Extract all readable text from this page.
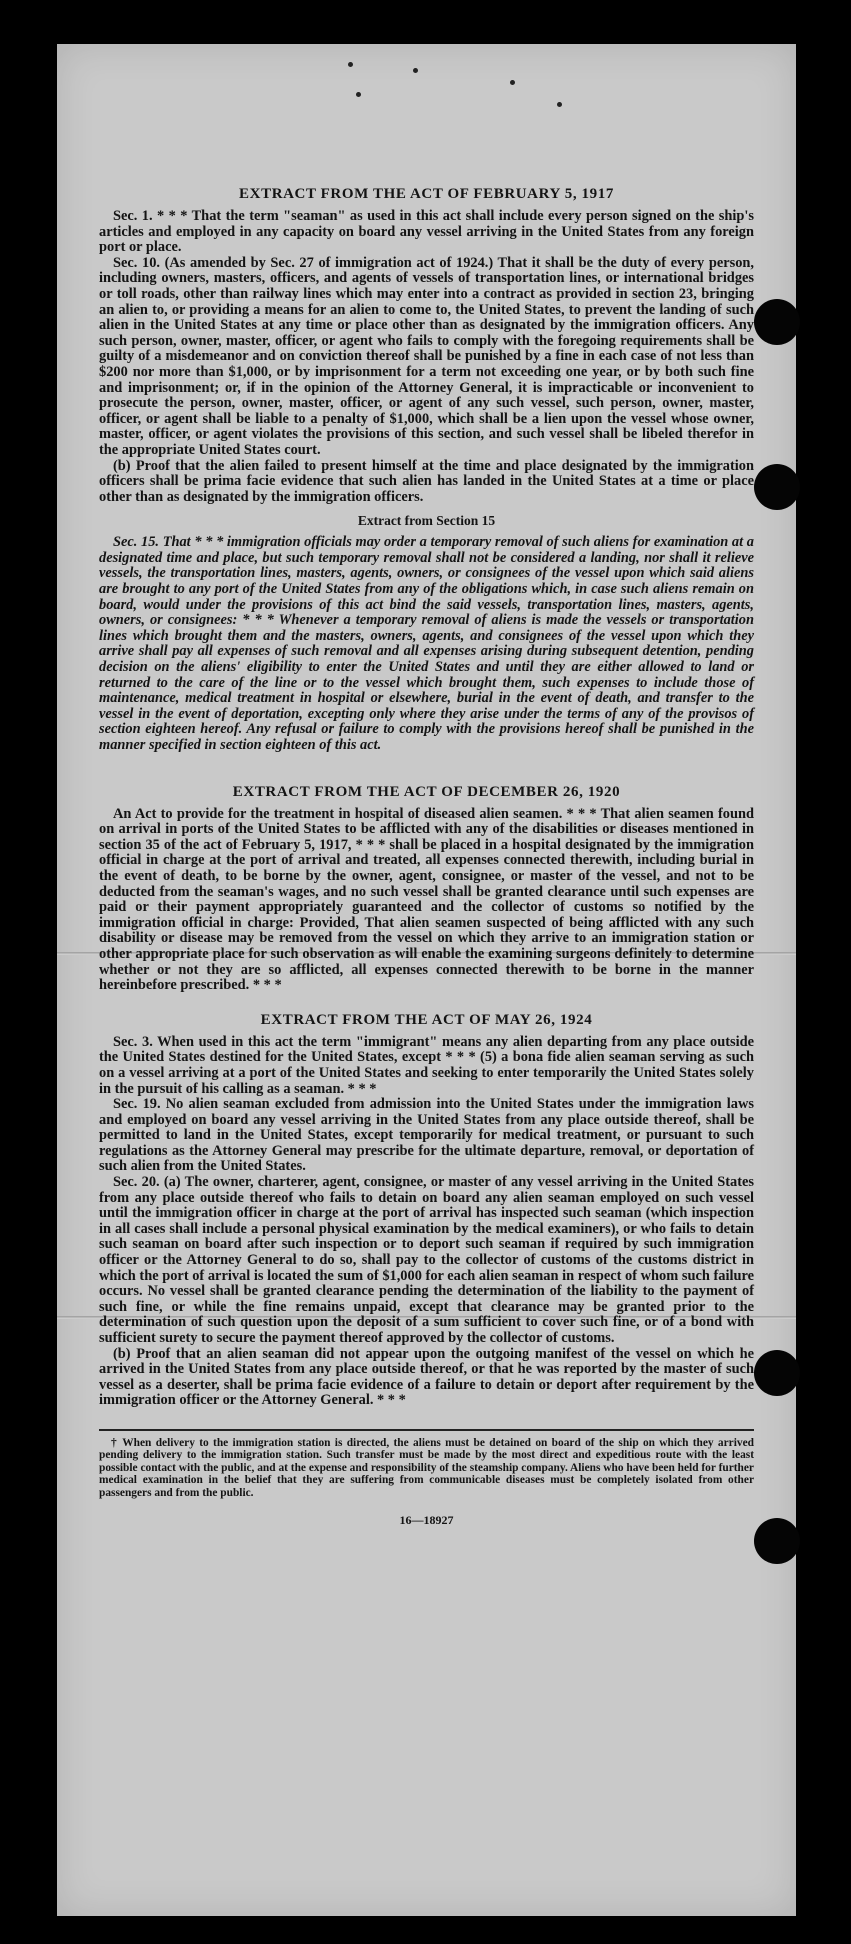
EXTRACT FROM THE ACT OF FEBRUARY 5, 1917

Sec. 1. * * * That the term "seaman" as used in this act shall include every person signed on the ship's articles and employed in any capacity on board any vessel arriving in the United States from any foreign port or place.

Sec. 10. (As amended by Sec. 27 of immigration act of 1924.) That it shall be the duty of every person, including owners, masters, officers, and agents of vessels of transportation lines, or international bridges or toll roads, other than railway lines which may enter into a contract as provided in section 23, bringing an alien to, or providing a means for an alien to come to, the United States, to prevent the landing of such alien in the United States at any time or place other than as designated by the immigration officers. Any such person, owner, master, officer, or agent who fails to comply with the foregoing requirements shall be guilty of a misdemeanor and on conviction thereof shall be punished by a fine in each case of not less than $200 nor more than $1,000, or by imprisonment for a term not exceeding one year, or by both such fine and imprisonment; or, if in the opinion of the Attorney General, it is impracticable or inconvenient to prosecute the person, owner, master, officer, or agent of any such vessel, such person, owner, master, officer, or agent shall be liable to a penalty of $1,000, which shall be a lien upon the vessel whose owner, master, officer, or agent violates the provisions of this section, and such vessel shall be libeled therefor in the appropriate United States court.

(b) Proof that the alien failed to present himself at the time and place designated by the immigration officers shall be prima facie evidence that such alien has landed in the United States at a time or place other than as designated by the immigration officers.

Extract from Section 15

Sec. 15. That * * * immigration officials may order a temporary removal of such aliens for examination at a designated time and place, but such temporary removal shall not be considered a landing, nor shall it relieve vessels, the transportation lines, masters, agents, owners, or consignees of the vessel upon which said aliens are brought to any port of the United States from any of the obligations which, in case such aliens remain on board, would under the provisions of this act bind the said vessels, transportation lines, masters, agents, owners, or consignees: * * * Whenever a temporary removal of aliens is made the vessels or transportation lines which brought them and the masters, owners, agents, and consignees of the vessel upon which they arrive shall pay all expenses of such removal and all expenses arising during subsequent detention, pending decision on the aliens' eligibility to enter the United States and until they are either allowed to land or returned to the care of the line or to the vessel which brought them, such expenses to include those of maintenance, medical treatment in hospital or elsewhere, burial in the event of death, and transfer to the vessel in the event of deportation, excepting only where they arise under the terms of any of the provisos of section eighteen hereof. Any refusal or failure to comply with the provisions hereof shall be punished in the manner specified in section eighteen of this act.

EXTRACT FROM THE ACT OF DECEMBER 26, 1920

An Act to provide for the treatment in hospital of diseased alien seamen. * * * That alien seamen found on arrival in ports of the United States to be afflicted with any of the disabilities or diseases mentioned in section 35 of the act of February 5, 1917, * * * shall be placed in a hospital designated by the immigration official in charge at the port of arrival and treated, all expenses connected therewith, including burial in the event of death, to be borne by the owner, agent, consignee, or master of the vessel, and not to be deducted from the seaman's wages, and no such vessel shall be granted clearance until such expenses are paid or their payment appropriately guaranteed and the collector of customs so notified by the immigration official in charge: Provided, That alien seamen suspected of being afflicted with any such disability or disease may be removed from the vessel on which they arrive to an immigration station or other appropriate place for such observation as will enable the examining surgeons definitely to determine whether or not they are so afflicted, all expenses connected therewith to be borne in the manner hereinbefore prescribed. * * *

EXTRACT FROM THE ACT OF MAY 26, 1924

Sec. 3. When used in this act the term "immigrant" means any alien departing from any place outside the United States destined for the United States, except * * * (5) a bona fide alien seaman serving as such on a vessel arriving at a port of the United States and seeking to enter temporarily the United States solely in the pursuit of his calling as a seaman. * * *

Sec. 19. No alien seaman excluded from admission into the United States under the immigration laws and employed on board any vessel arriving in the United States from any place outside thereof, shall be permitted to land in the United States, except temporarily for medical treatment, or pursuant to such regulations as the Attorney General may prescribe for the ultimate departure, removal, or deportation of such alien from the United States.

Sec. 20. (a) The owner, charterer, agent, consignee, or master of any vessel arriving in the United States from any place outside thereof who fails to detain on board any alien seaman employed on such vessel until the immigration officer in charge at the port of arrival has inspected such seaman (which inspection in all cases shall include a personal physical examination by the medical examiners), or who fails to detain such seaman on board after such inspection or to deport such seaman if required by such immigration officer or the Attorney General to do so, shall pay to the collector of customs of the customs district in which the port of arrival is located the sum of $1,000 for each alien seaman in respect of whom such failure occurs. No vessel shall be granted clearance pending the determination of the liability to the payment of such fine, or while the fine remains unpaid, except that clearance may be granted prior to the determination of such question upon the deposit of a sum sufficient to cover such fine, or of a bond with sufficient surety to secure the payment thereof approved by the collector of customs.

(b) Proof that an alien seaman did not appear upon the outgoing manifest of the vessel on which he arrived in the United States from any place outside thereof, or that he was reported by the master of such vessel as a deserter, shall be prima facie evidence of a failure to detain or deport after requirement by the immigration officer or the Attorney General. * * *

† When delivery to the immigration station is directed, the aliens must be detained on board of the ship on which they arrived pending delivery to the immigration station. Such transfer must be made by the most direct and expeditious route with the least possible contact with the public, and at the expense and responsibility of the steamship company. Aliens who have been held for further medical examination in the belief that they are suffering from communicable diseases must be completely isolated from other passengers and from the public.

16—18927
